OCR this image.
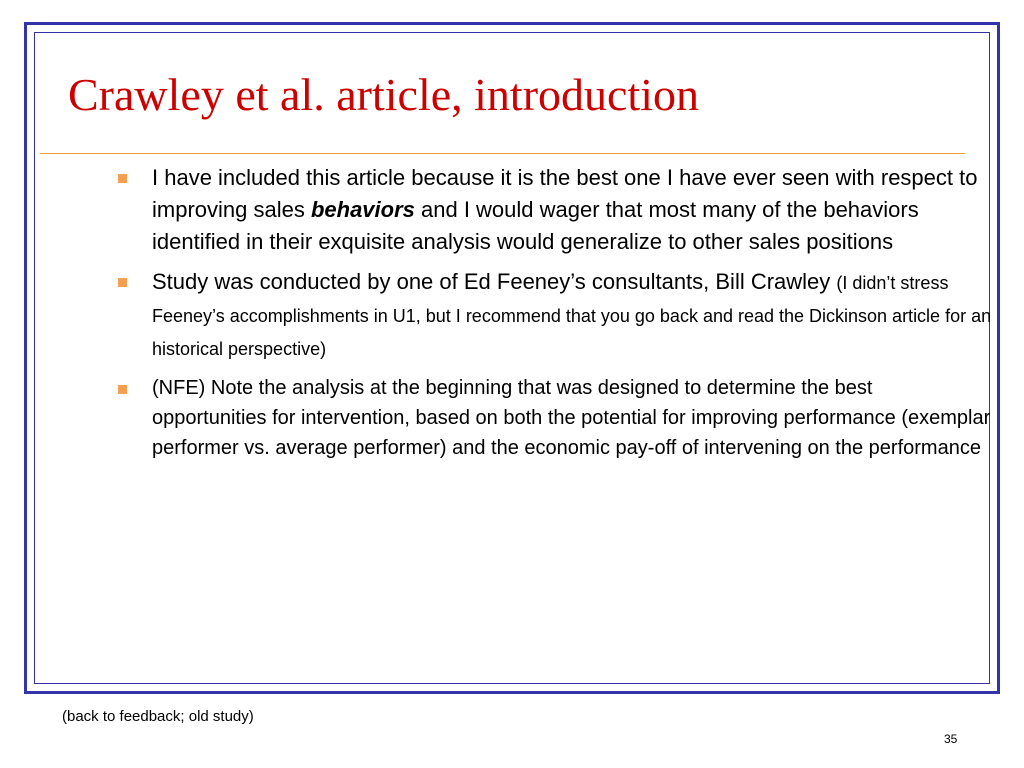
Crawley et al. article, introduction
I have included this article because it is the best one I have ever seen with respect to improving sales behaviors and I would wager that most many of the behaviors identified in their exquisite analysis would generalize to other sales positions
Study was conducted by one of Ed Feeney’s consultants, Bill Crawley (I didn’t stress Feeney’s accomplishments in U1, but I recommend that you go back and read the Dickinson article for an historical perspective)
(NFE) Note the analysis at the beginning that was designed to determine the best opportunities for intervention, based on both the potential for improving performance (exemplar performer vs. average performer) and the economic pay-off of intervening on the performance
(back to feedback; old study)
35
